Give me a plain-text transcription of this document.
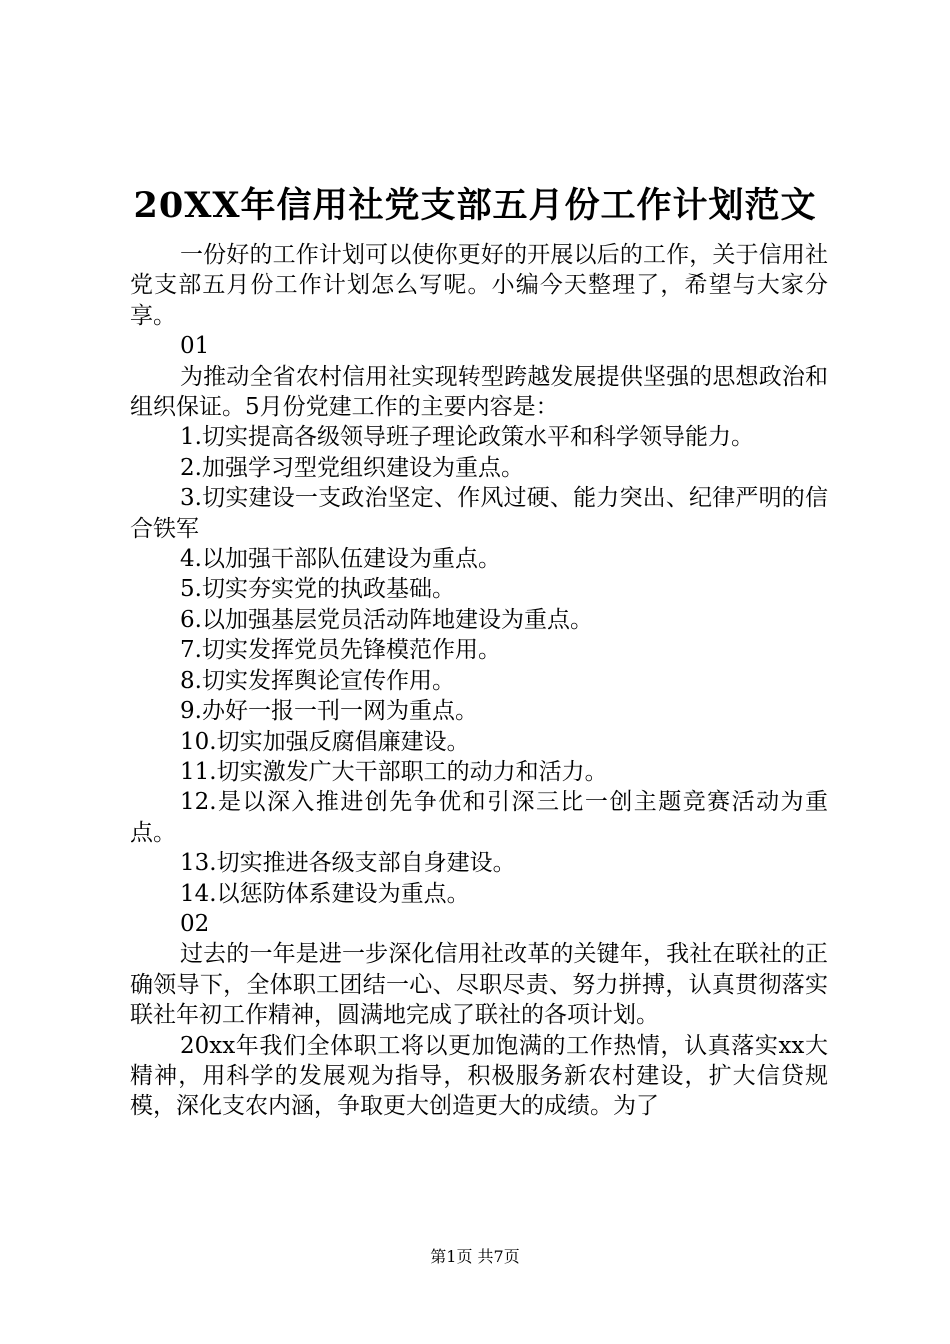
20XX年信用社党支部五月份工作计划范文

一份好的工作计划可以使你更好的开展以后的工作，关于信用社党支部五月份工作计划怎么写呢。小编今天整理了，希望与大家分享。

01

为推动全省农村信用社实现转型跨越发展提供坚强的思想政治和组织保证。5月份党建工作的主要内容是：

1.切实提高各级领导班子理论政策水平和科学领导能力。

2.加强学习型党组织建设为重点。

3.切实建设一支政治坚定、作风过硬、能力突出、纪律严明的信合铁军

4.以加强干部队伍建设为重点。

5.切实夯实党的执政基础。

6.以加强基层党员活动阵地建设为重点。

7.切实发挥党员先锋模范作用。

8.切实发挥舆论宣传作用。

9.办好一报一刊一网为重点。

10.切实加强反腐倡廉建设。

11.切实激发广大干部职工的动力和活力。

12.是以深入推进创先争优和引深三比一创主题竞赛活动为重点。

13.切实推进各级支部自身建设。

14.以惩防体系建设为重点。

02

过去的一年是进一步深化信用社改革的关键年，我社在联社的正确领导下，全体职工团结一心、尽职尽责、努力拼搏，认真贯彻落实联社年初工作精神，圆满地完成了联社的各项计划。

20xx年我们全体职工将以更加饱满的工作热情，认真落实xx大精神，用科学的发展观为指导，积极服务新农村建设，扩大信贷规模，深化支农内涵，争取更大创造更大的成绩。为了

第1页 共7页
